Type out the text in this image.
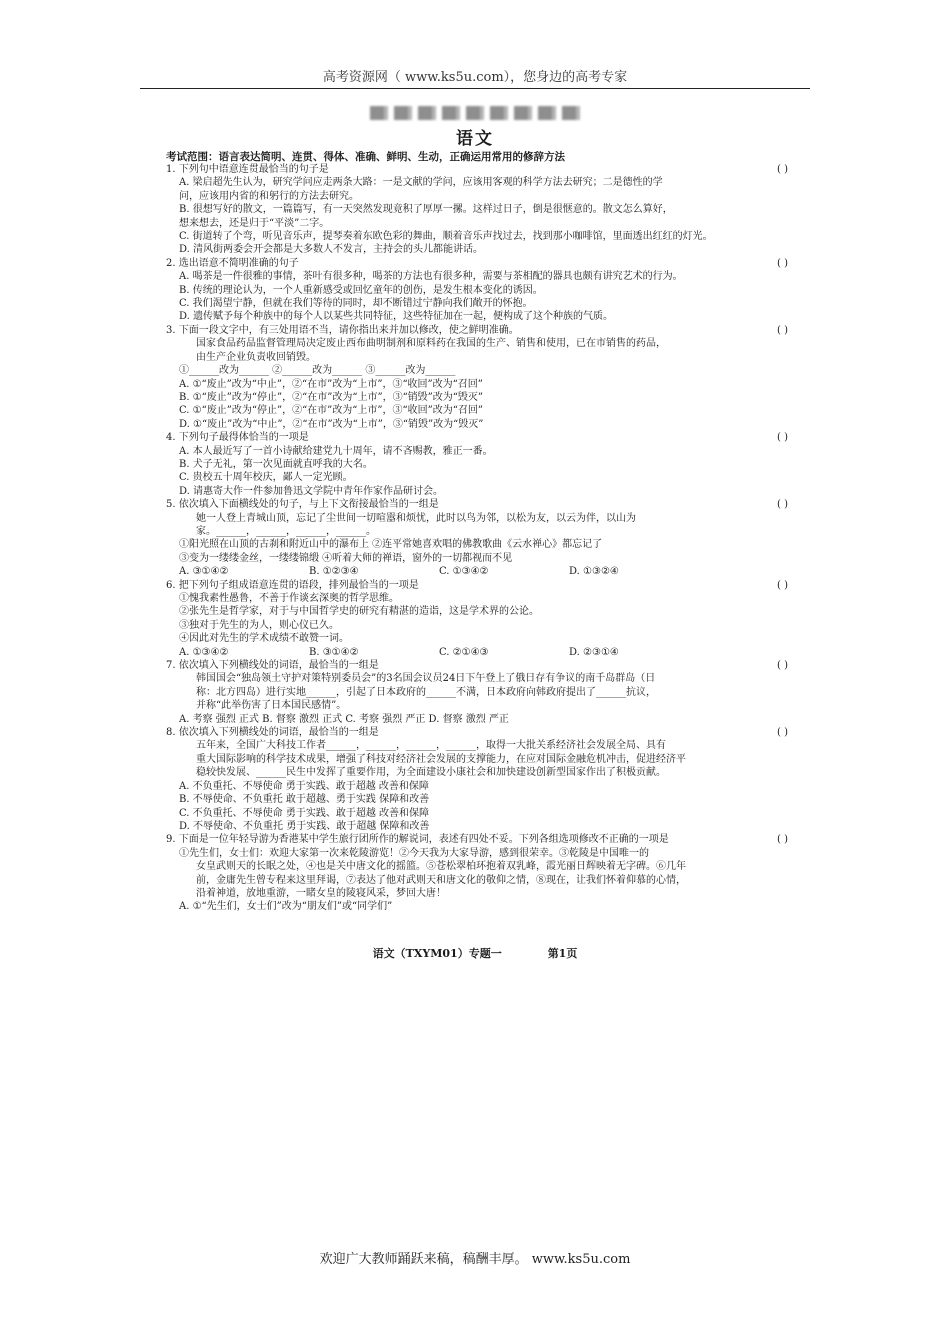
高考资源网（ www.ks5u.com），您身边的高考专家
语文
考试范围：语言表达简明、连贯、得体、准确、鲜明、生动，正确运用常用的修辞方法
1. 下列句中语意连贯最恰当的句子是	( )
A. 梁启超先生认为，研究学问应走两条大路：一是文献的学问，应该用客观的科学方法去研究；二是德性的学
问，应该用内省的和躬行的方法去研究。
B. 很想写好的散文，一篇篇写，有一天突然发现竟积了厚厚一摞。这样过日子，倒是很惬意的。散文怎么算好，
想来想去，还是归于“平淡”二字。
C. 街道转了个弯，听见音乐声，提琴奏着东欧色彩的舞曲，顺着音乐声找过去，找到那小咖啡馆，里面透出红红的灯光。
D. 清风街两委会开会都是大多数人不发言，主持会的头儿都能讲话。
2. 选出语意不简明准确的句子	( )
A. 喝茶是一件很雅的事情，茶叶有很多种，喝茶的方法也有很多种，需要与茶相配的器具也颇有讲究艺术的行为。
B. 传统的理论认为，一个人重新感受或回忆童年的创伤，是发生根本变化的诱因。
C. 我们渴望宁静，但就在我们等待的同时，却不断错过宁静向我们敞开的怀抱。
D. 遗传赋予每个种族中的每个人以某些共同特征，这些特征加在一起，便构成了这个种族的气质。
3. 下面一段文字中，有三处用语不当，请你指出来并加以修改，使之鲜明准确。	( )
国家食品药品监督管理局决定废止西布曲明制剂和原料药在我国的生产、销售和使用，已在市销售的药品，
由生产企业负责收回销毁。
①______改为______ ②______改为______ ③______改为______
A. ①“废止”改为“中止”，②“在市”改为“上市”，③“收回”改为“召回”
B. ①“废止”改为“停止”，②“在市”改为“上市”，③“销毁”改为“毁灭”
C. ①“废止”改为“停止”，②“在市”改为“上市”，③“收回”改为“召回”
D. ①“废止”改为“中止”，②“在市”改为“上市”，③“销毁”改为“毁灭”
4. 下列句子最得体恰当的一项是	( )
A. 本人最近写了一首小诗献给建党九十周年，请不吝赐教，雅正一番。
B. 犬子无礼，第一次见面就直呼我的大名。
C. 贵校五十周年校庆，鄙人一定光顾。
D. 请惠寄大作一件参加鲁迅文学院中青年作家作品研讨会。
5. 依次填入下面横线处的句子，与上下文衔接最恰当的一组是	( )
她一人登上青城山顶，忘记了尘世间一切喧嚣和烦忧，此时以鸟为邻，以松为友，以云为伴，以山为
家。______，______，______，______。
①阳光照在山顶的古刹和附近山中的瀑布上 ②连平常她喜欢唱的佛教歌曲《云水禅心》都忘记了
③变为一缕缕金丝，一缕缕锦缎 ④听着大师的禅语，窗外的一切都视而不见
A. ③①④②	B. ①②③④	C. ①③④②	D. ①③②④
6. 把下列句子组成语意连贯的语段，排列最恰当的一项是	( )
①愧我素性愚鲁，不善于作谈玄深奥的哲学思维。
②张先生是哲学家，对于与中国哲学史的研究有精湛的造诣，这是学术界的公论。
③独对于先生的为人，则心仪已久。
④因此对先生的学术成绩不敢赞一词。
A. ①③④②	B. ③①④②	C. ②①④③	D. ②③①④
7. 依次填入下列横线处的词语，最恰当的一组是	( )
韩国国会“独岛领土守护对策特别委员会”的3名国会议员24日下午登上了俄日存有争议的南千岛群岛（日
称：北方四岛）进行实地______，引起了日本政府的______不满，日本政府向韩政府提出了______抗议，
并称“此举伤害了日本国民感情”。
A. 考察 强烈 正式 B. 督察 激烈 正式 C. 考察 强烈 严正 D. 督察 激烈 严正
8. 依次填入下列横线处的词语，最恰当的一组是	( )
五年来，全国广大科技工作者______，______，______，______，取得一大批关系经济社会发展全局、具有
重大国际影响的科学技术成果，增强了科技对经济社会发展的支撑能力，在应对国际金融危机冲击，促进经济平
稳较快发展、______民生中发挥了重要作用，为全面建设小康社会和加快建设创新型国家作出了积极贡献。
A. 不负重托、不辱使命 勇于实践、敢于超越 改善和保障
B. 不辱使命、不负重托 敢于超越、勇于实践 保障和改善
C. 不负重托、不辱使命 勇于实践、敢于超越 改善和保障
D. 不辱使命、不负重托 勇于实践、敢于超越 保障和改善
9. 下面是一位年轻导游为香港某中学生旅行团所作的解说词，表述有四处不妥。下列各组选项修改不正确的一项是	( )
①先生们，女士们：欢迎大家第一次来乾陵游览！②今天我为大家导游，感到很荣幸。③乾陵是中国唯一的
女皇武则天的长眠之处，④也是关中唐文化的摇篮。⑤苍松翠柏环抱着双乳峰，霞光丽日辉映着无字碑。⑥几年
前，金庸先生曾专程来这里拜谒，⑦表达了他对武则天和唐文化的敬仰之情，⑧现在，让我们怀着仰慕的心情，
沿着神道，放地重游，一睹女皇的陵寝风采，梦回大唐！
A. ①“先生们，女士们”改为“朋友们”或“同学们”
语文（TXYM01）专题一	第1页
欢迎广大教师踊跃来稿，稿酬丰厚。 www.ks5u.com
